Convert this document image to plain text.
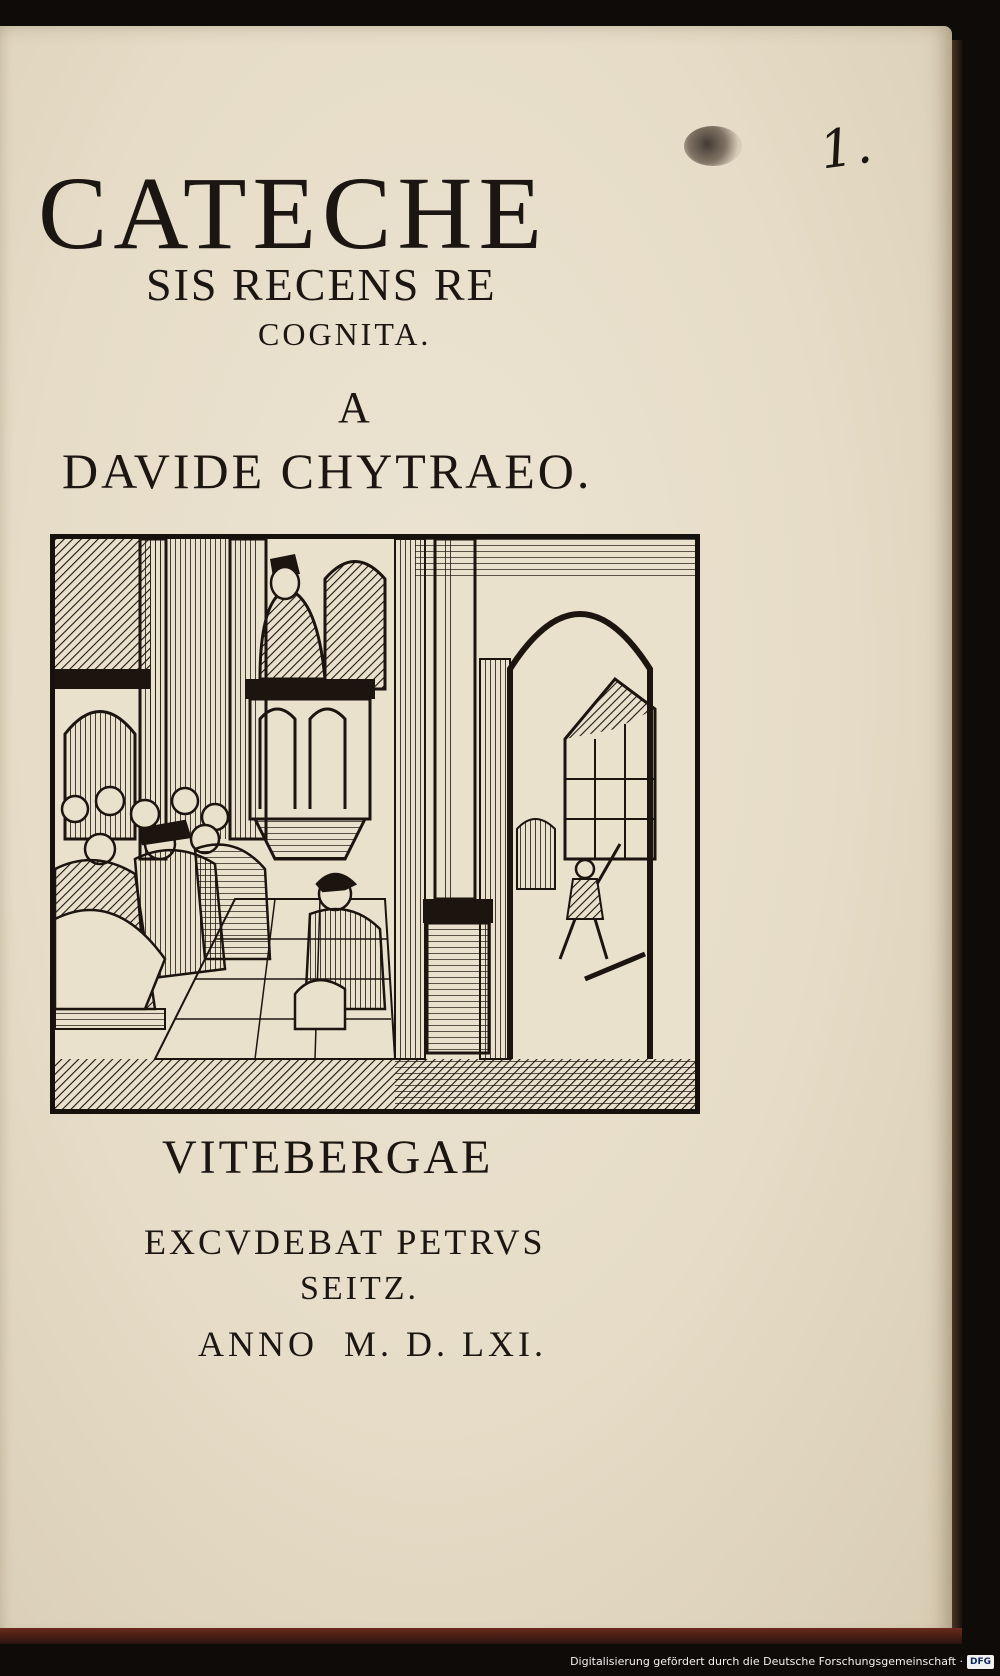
1.
CATECHE
SIS RECENS RE
COGNITA.
A
DAVIDE CHYTRAEO.
VITEBERGAE
EXCVDEBAT PETRVS
SEITZ.
ANNO  M. D. LXI.
Digitalisierung gefördert durch die Deutsche Forschungsgemeinschaft · DFG
